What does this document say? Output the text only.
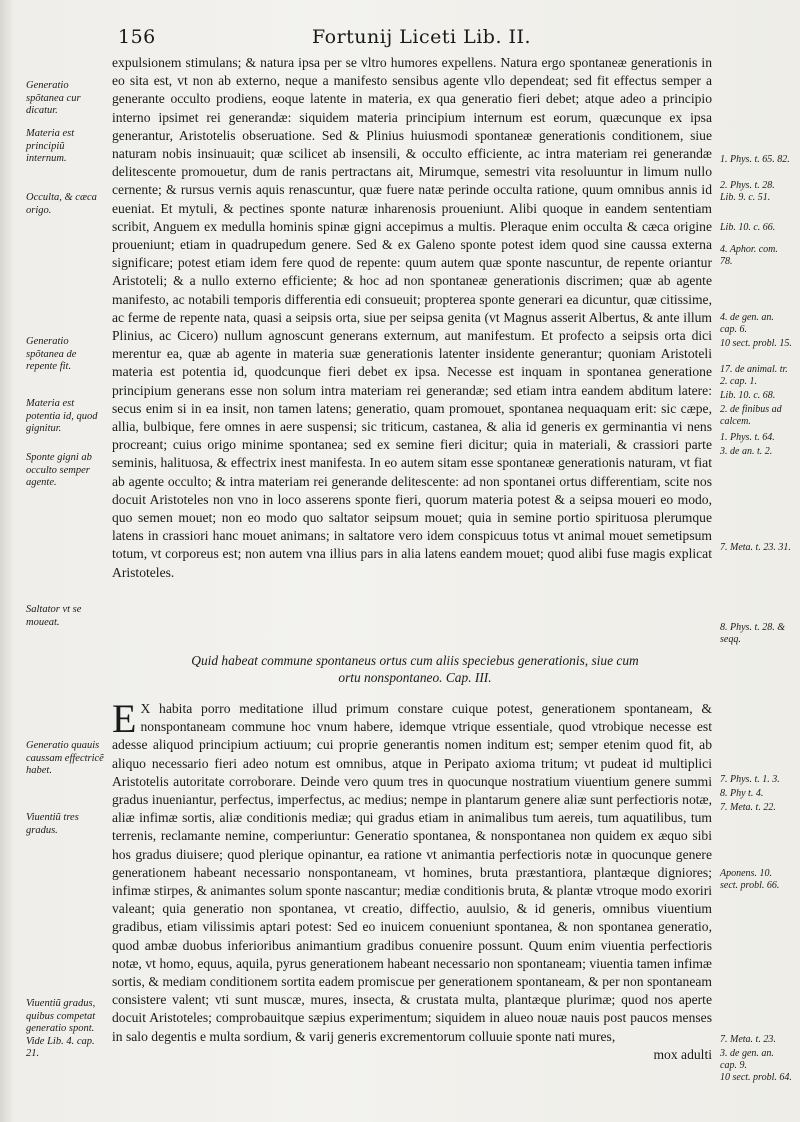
156	Fortunij Liceti Lib. II.

expulsionem stimulans; & natura ipsa per se vltro humores expellens. Natura ergo spontaneæ generationis in eo sita est, vt non ab externo, neque a manifesto sensibus agente vllo dependeat; sed fit effectus semper a generante occulto prodiens, eoque latente in materia, ex qua generatio fieri debet; atque adeo a principio interno ipsimet rei generandæ: siquidem materia principium internum est eorum, quæcunque ex ipsa generantur, Aristotelis obseruatione. Sed & Plinius huiusmodi spontaneæ generationis conditionem, siue naturam nobis insinuauit; quæ scilicet ab insensili, & occulto efficiente, ac intra materiam rei generandæ delitescente promouetur, dum de ranis pertractans ait, Mirumque, semestri vita resoluuntur in limum nullo cernente; & rursus vernis aquis renascuntur, quæ fuere natæ perinde occulta ratione, quum omnibus annis id eueniat. Et mytuli, & pectines sponte naturæ inharenosis proueniunt. Alibi quoque in eandem sententiam scribit, Anguem ex medulla hominis spinæ gigni accepimus a multis. Pleraque enim occulta & cæca origine proueniunt; etiam in quadrupedum genere. Sed & ex Galeno sponte potest idem quod sine caussa externa significare; potest etiam idem fere quod de repente: quum autem quæ sponte nascuntur, de repente oriantur Aristoteli; & a nullo externo efficiente; & hoc ad non spontaneæ generationis discrimen; quæ ab agente manifesto, ac notabili temporis differentia edi consueuit; propterea sponte generari ea dicuntur, quæ citissime, ac ferme de repente nata, quasi a seipsis orta, siue per seipsa genita (vt Magnus asserit Albertus, & ante illum Plinius, ac Cicero) nullum agnoscunt generans externum, aut manifestum. Et profecto a seipsis orta dici merentur ea, quæ ab agente in materia suæ generationis latenter insidente generantur; quoniam Aristoteli materia est potentia id, quodcunque fieri debet ex ipsa. Necesse est inquam in spontanea generatione principium generans esse non solum intra materiam rei generandæ; sed etiam intra eandem abditum latere: secus enim si in ea insit, non tamen latens; generatio, quam promouet, spontanea nequaquam erit: sic cæpe, allia, bulbique, fere omnes in aere suspensi; sic triticum, castanea, & alia id generis ex germinantia vi nens procreant; cuius origo minime spontanea; sed ex semine fieri dicitur; quia in materiali, & crassiori parte seminis, halituosa, & effectrix inest manifesta. In eo autem sitam esse spontaneæ generationis naturam, vt fiat ab agente occulto; & intra materiam rei generande delitescente: ad non spontanei ortus differentiam, scite nos docuit Aristoteles non vno in loco asserens sponte fieri, quorum materia potest & a seipsa moueri eo modo, quo semen mouet; non eo modo quo saltator seipsum mouet; quia in semine portio spirituosa plerumque latens in crassiori hanc mouet animans; in saltatore vero idem conspicuus totus vt animal mouet semetipsum totum, vt corporeus est; non autem vna illius pars in alia latens eandem mouet; quod alibi fuse magis explicat Aristoteles.

Quid habeat commune spontaneus ortus cum aliis speciebus generationis, siue cum
ortu nonspontaneo. Cap. III.
E X habita porro meditatione illud primum constare cuique potest, generationem spontaneam, & nonspontaneam commune hoc vnum habere, idemque vtrique essentiale, quod vtrobique necesse est adesse aliquod principium actiuum; cui proprie generantis nomen inditum est; semper etenim quod fit, ab aliquo necessario fieri adeo notum est omnibus, atque in Peripato axioma tritum; vt pudeat id multiplici Aristotelis autoritate corroborare. Deinde vero quum tres in quocunque nostratium viuentium genere summi gradus inueniantur, perfectus, imperfectus, ac medius; nempe in plantarum genere aliæ sunt perfectioris notæ, aliæ infimæ sortis, aliæ conditionis mediæ; qui gradus etiam in animalibus tum aereis, tum aquatilibus, tum terrenis, reclamante nemine, comperiuntur: Generatio spontanea, & nonspontanea non quidem ex æquo sibi hos gradus diuisere; quod plerique opinantur, ea ratione vt animantia perfectioris notæ in quocunque genere generationem habeant necessario nonspontaneam, vt homines, bruta præstantiora, plantæque digniores; infimæ stirpes, & animantes solum sponte nascantur; mediæ conditionis bruta, & plantæ vtroque modo exoriri valeant; quia generatio non spontanea, vt creatio, diffectio, auulsio, & id generis, omnibus viuentium gradibus, etiam vilissimis aptari potest: Sed eo inuicem conueniunt spontanea, & non spontanea generatio, quod ambæ duobus inferioribus animantium gradibus conuenire possunt. Quum enim viuentia perfectioris notæ, vt homo, equus, aquila, pyrus generationem habeant necessario non spontaneam; viuentia tamen infimæ sortis, & mediam conditionem sortita eadem promiscue per generationem spontaneam, & per non spontaneam consistere valent; vti sunt muscæ, mures, insecta, & crustata multa, plantæque plurimæ; quod nos aperte docuit Aristoteles; comprobauitque sæpius experimentum; siquidem in alueo nouæ nauis post paucos menses in salo degentis e multa sordium, & varij generis excrementorum colluuie sponte nati mures,
mox adulti
Generatio spõtanea cur dicatur.
Materia est principiũ internum.
Occulta, & cæca origo.
Generatio spõtanea de repente fit.
Materia est potentia id, quod gignitur.
Sponte gigni ab occulto semper agente.
Saltator vt se moueat.
Generatio quauis caussam effectricẽ habet.
Viuentiũ tres gradus.
Viuentiũ gradus, quibus competat generatio spont. Vide Lib. 4. cap. 21.
1. Phys. t. 65. 82.
2. Phys. t. 28. Lib. 9. c. 51.
Lib. 10. c. 66.
4. Aphor. com. 78.
4. de gen. an. cap. 6.
10 sect. probl. 15.
17. de animal. tr. 2. cap. 1.
Lib. 10. c. 68.
2. de finibus ad calcem.
1. Phys. t. 64.
3. de an. t. 2.
7. Meta. t. 23. 31.
8. Phys. t. 28. & seqq.
7. Phys. t. 1. 3.
8. Phy t. 4.
7. Meta. t. 22.
Aponens. 10. sect. probl. 66.
7. Meta. t. 23.
3. de gen. an. cap. 9.
10 sect. probl. 64.
